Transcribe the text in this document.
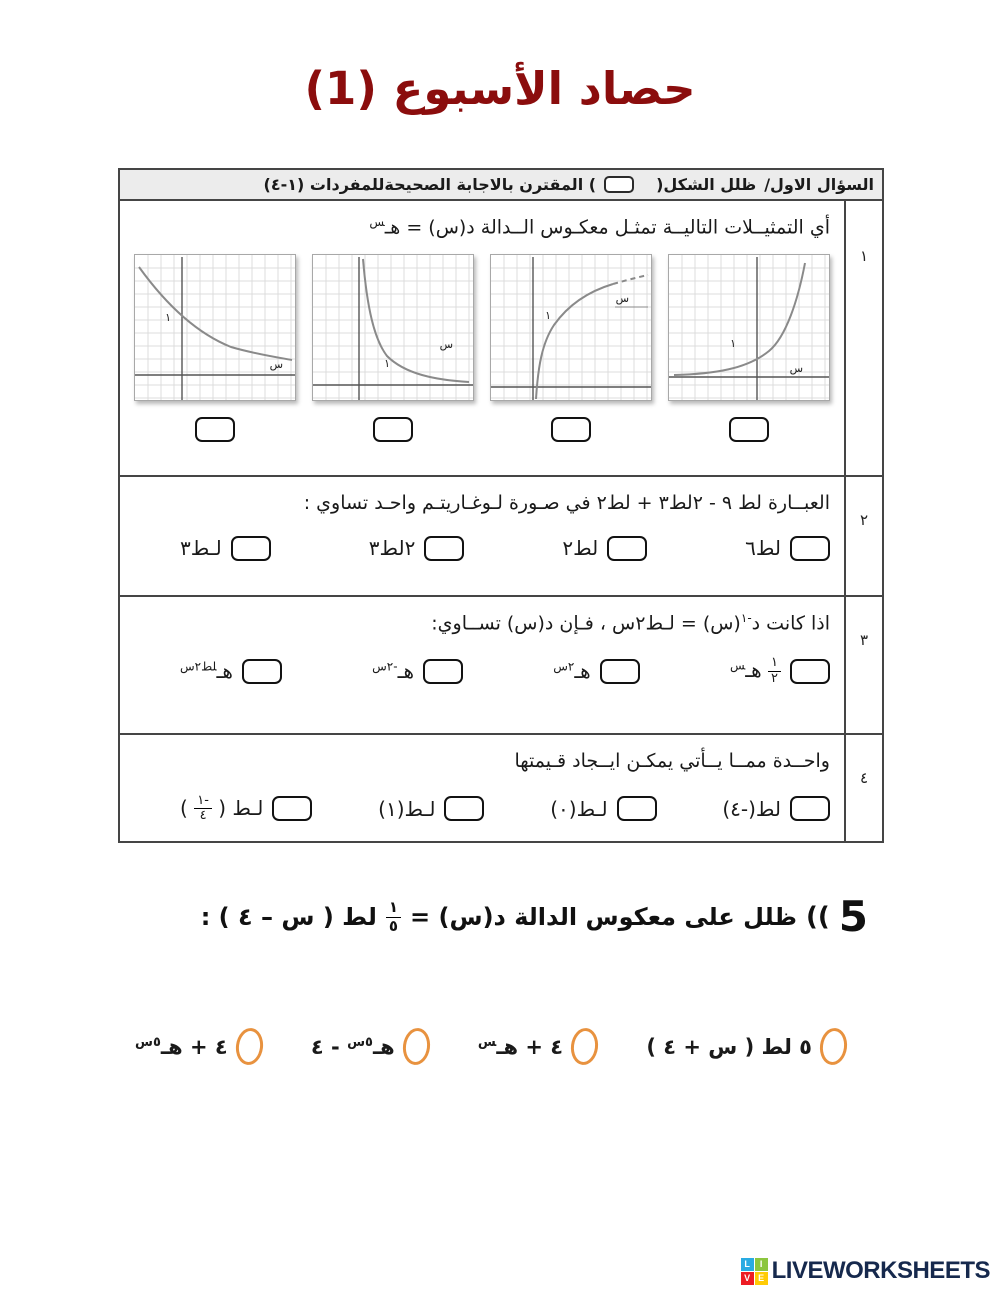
حصاد الأسبوع (1)
السؤال الاول/
ظلل الشكل(
) المقترن بالاجابة الصحيحةللمفردات (١-٤)
١
أي التمثيــلات التاليــة تمثـل معكـوس الــدالة د(س) = هـ$^س$
١
س
١
س
١
س
١
س
٢
العبــارة لط ٩ - ٢لط٣ + لط٢ في صـورة لـوغـاريتـم واحـد تساوي :
لط٦
لط٢
٢لط٣
لـط٣
٣
اذا كانت د$^{-١}$(س) = لـط٢س ، فـإن د(س) تســاوي:
$\frac{١}{٢}$
هـ$^س$
هـ$^{٢س}$
هـ$^{-٢س}$
هـ$^{لط٢س}$
٤
واحــدة ممــا يــأتي يمكـن ايــجاد قـيمتها
لط(-٤)
لـط(٠)
لـط(١)
لـط (
$\frac{-١}{٤}$
)
5
((
ظلل على معكوس الدالة د(س) =
$\frac{١}{٥}$
لط ( س – ٤ ) :
٥ لط ( س + ٤ )
٤ + هـ$^س$
هـ$^{٥س}$ - ٤
٤ + هـ$^{٥س}$
L	I
V E LIVEWORKSHEETS
